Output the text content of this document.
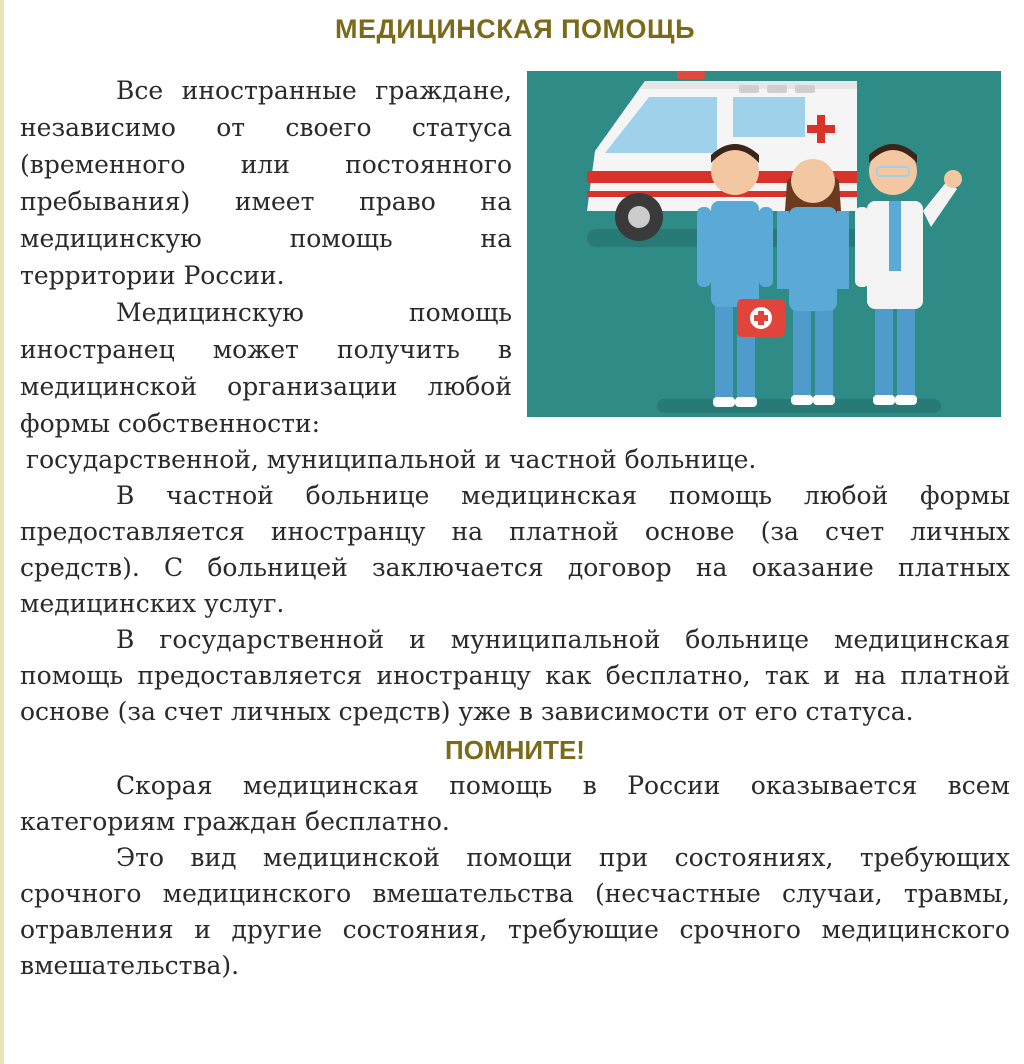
МЕДИЦИНСКАЯ ПОМОЩЬ

Все иностранные граждане, независимо от своего статуса (временного или постоянного пребывания) имеет право на медицинскую помощь на территории России.

Медицинскую помощь иностранец может получить в медицинской организации любой формы собственности:

государственной, муниципальной и частной больнице.

В частной больнице медицинская помощь любой формы предоставляется иностранцу на платной основе (за счет личных средств). С больницей заключается договор на оказание платных медицинских услуг.

В государственной и муниципальной больнице медицинская помощь предоставляется иностранцу как бесплатно, так и на платной основе (за счет личных средств) уже в зависимости от его статуса.

ПОМНИТЕ!

Скорая медицинская помощь в России оказывается всем категориям граждан бесплатно.

Это вид медицинской помощи при состояниях, требующих срочного медицинского вмешательства (несчастные случаи, травмы, отравления и другие состояния, требующие срочного медицинского вмешательства).
